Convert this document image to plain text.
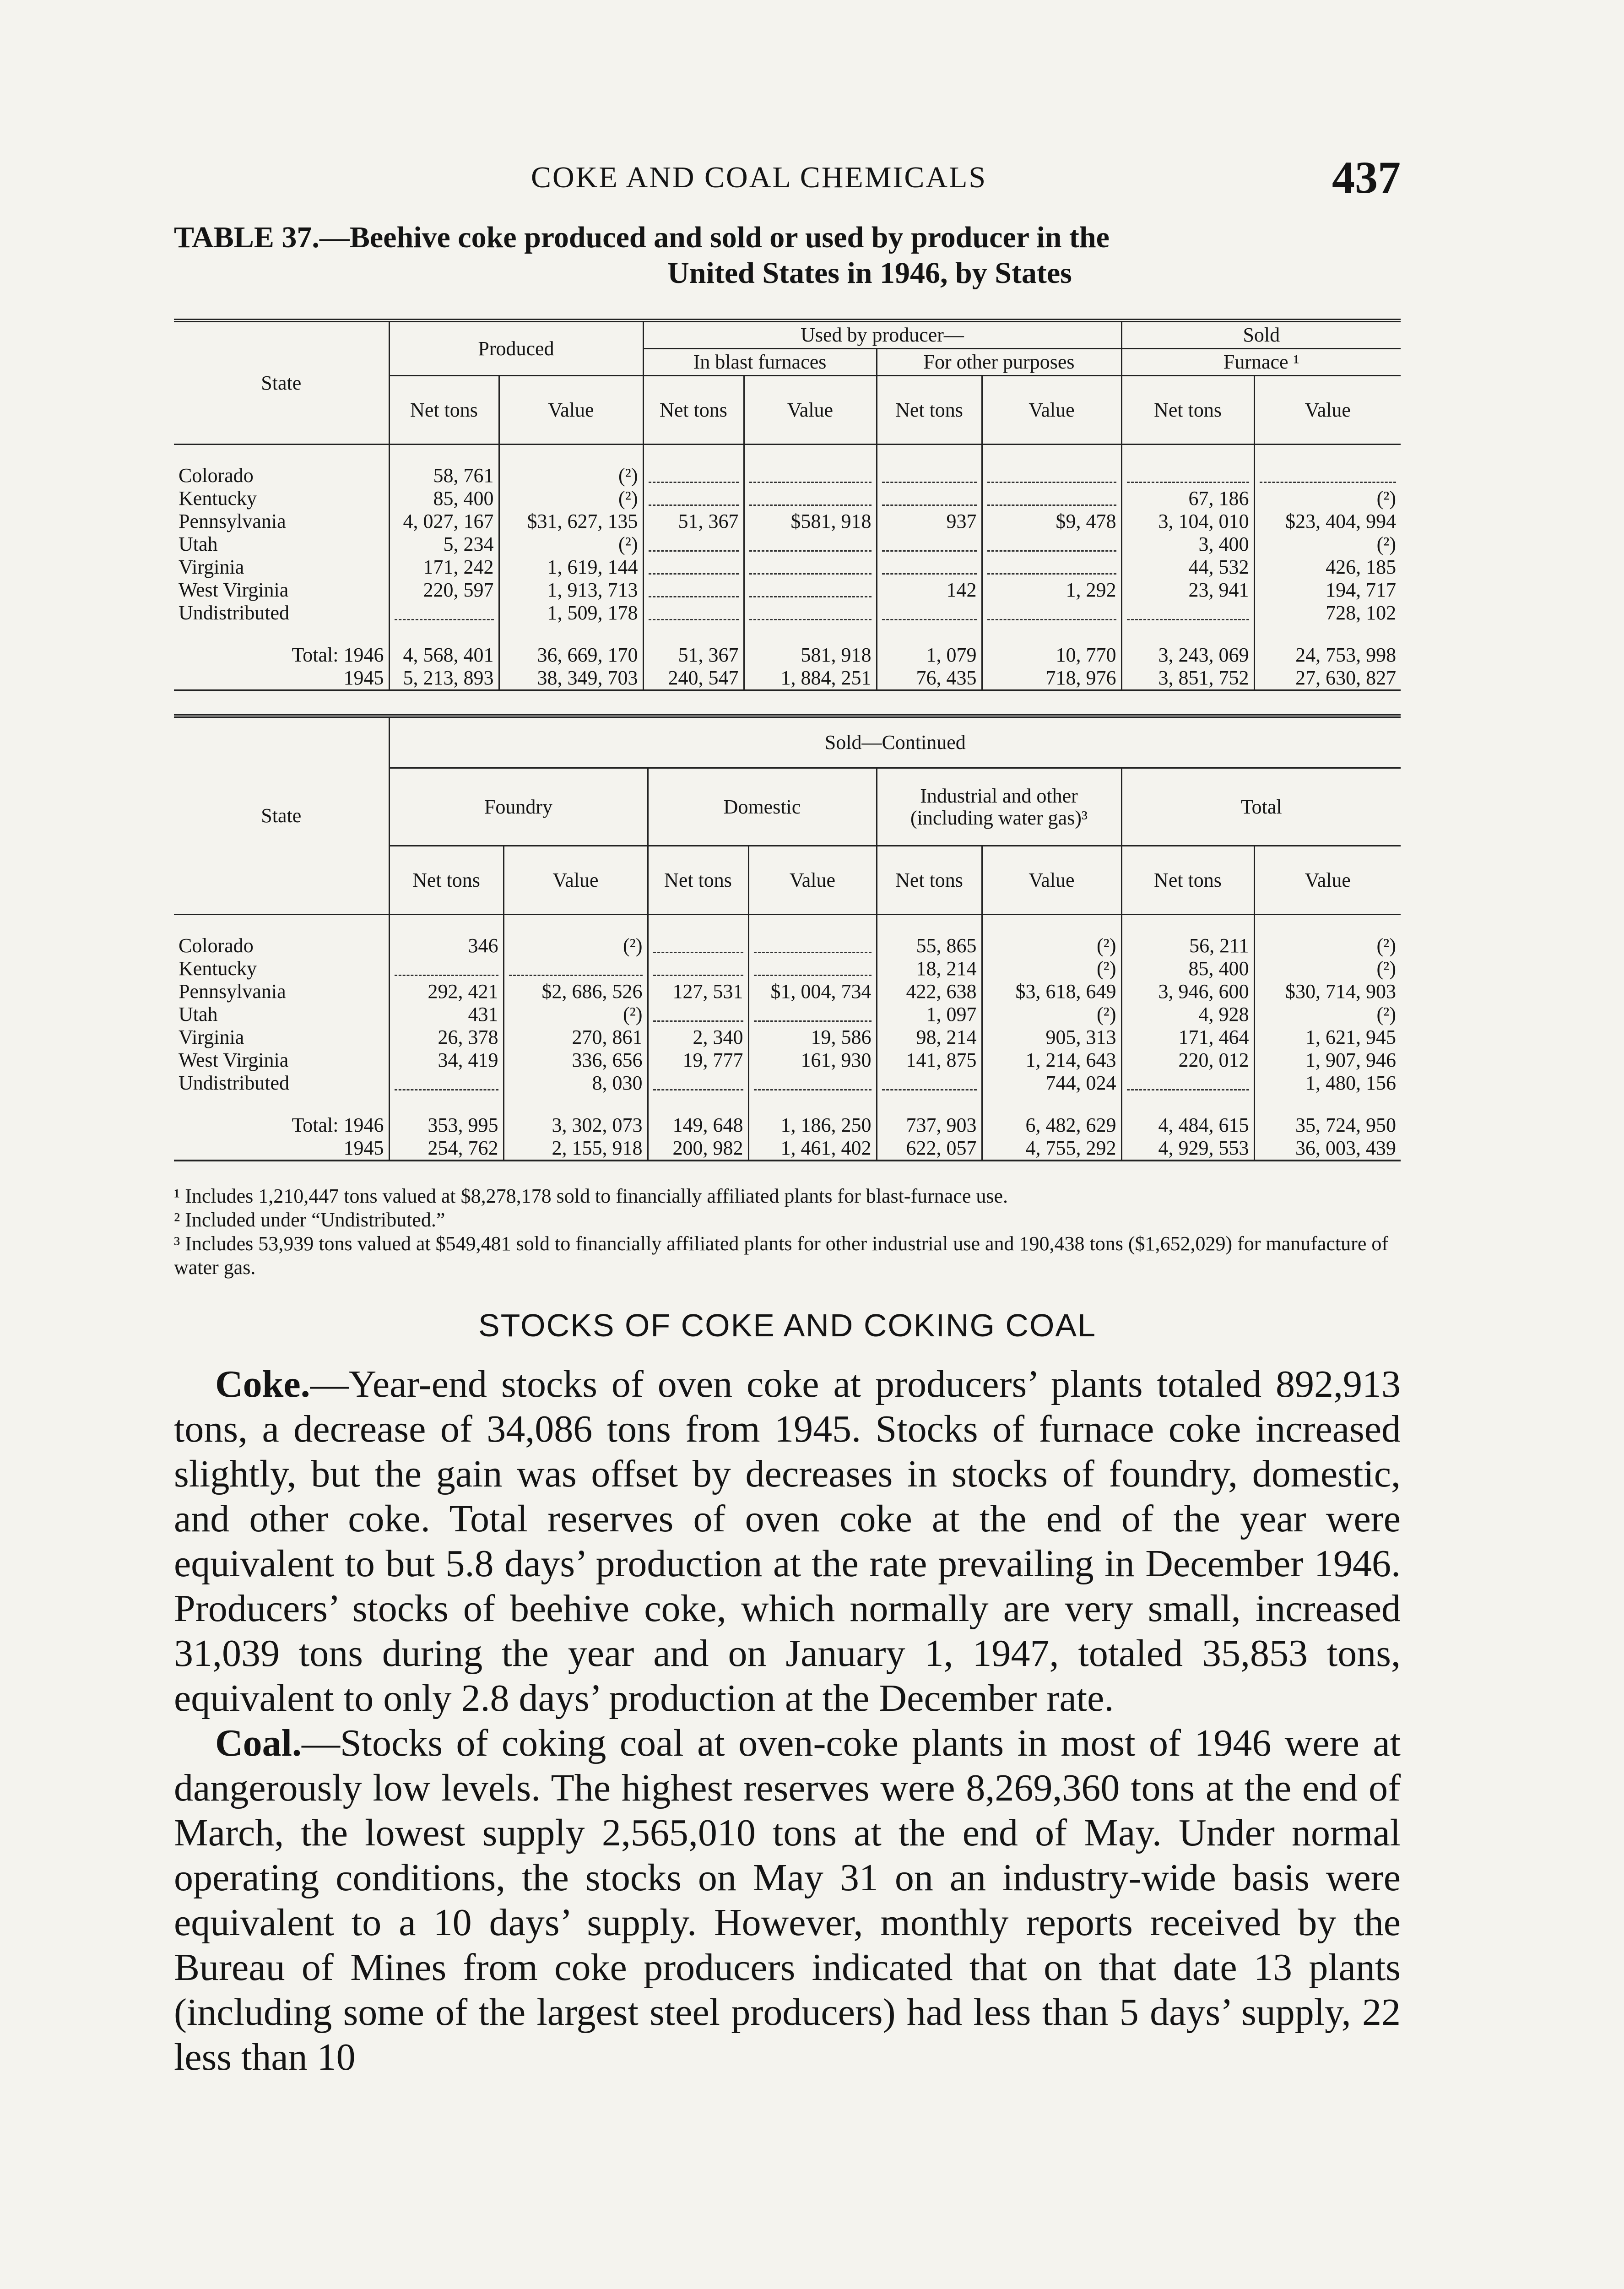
COKE AND COAL CHEMICALS	437
TABLE 37.—Beehive coke produced and sold or used by producer in the
United States in 1946, by States
State	Produced		Used by producer—				Sold	
			In blast furnaces		For other purposes		Furnace ¹	
	Net tons	Value	Net tons	Value	Net tons	Value	Net tons	Value

Colorado	58, 761	(²)						
Kentucky	85, 400	(²)					67, 186	(²)
Pennsylvania	4, 027, 167	$31, 627, 135	51, 367	$581, 918	937	$9, 478	3, 104, 010	$23, 404, 994
Utah	5, 234	(²)					3, 400	(²)
Virginia	171, 242	1, 619, 144					44, 532	426, 185
West Virginia	220, 597	1, 913, 713			142	1, 292	23, 941	194, 717
Undistributed		1, 509, 178						728, 102

Total: 1946	4, 568, 401	36, 669, 170	51, 367	581, 918	1, 079	10, 770	3, 243, 069	24, 753, 998
1945	5, 213, 893	38, 349, 703	240, 547	1, 884, 251	76, 435	718, 976	3, 851, 752	27, 630, 827
State	Sold—Continued							
	Foundry		Domestic		Industrial and other (including water gas)³		Total	
	Net tons	Value	Net tons	Value	Net tons	Value	Net tons	Value

Colorado	346	(²)			55, 865	(²)	56, 211	(²)
Kentucky					18, 214	(²)	85, 400	(²)
Pennsylvania	292, 421	$2, 686, 526	127, 531	$1, 004, 734	422, 638	$3, 618, 649	3, 946, 600	$30, 714, 903
Utah	431	(²)			1, 097	(²)	4, 928	(²)
Virginia	26, 378	270, 861	2, 340	19, 586	98, 214	905, 313	171, 464	1, 621, 945
West Virginia	34, 419	336, 656	19, 777	161, 930	141, 875	1, 214, 643	220, 012	1, 907, 946
Undistributed		8, 030				744, 024		1, 480, 156

Total: 1946	353, 995	3, 302, 073	149, 648	1, 186, 250	737, 903	6, 482, 629	4, 484, 615	35, 724, 950
1945	254, 762	2, 155, 918	200, 982	1, 461, 402	622, 057	4, 755, 292	4, 929, 553	36, 003, 439

¹ Includes 1,210,447 tons valued at $8,278,178 sold to financially affiliated plants for blast-furnace use.

² Included under “Undistributed.”

³ Includes 53,939 tons valued at $549,481 sold to financially affiliated plants for other industrial use and 190,438 tons ($1,652,029) for manufacture of water gas.

STOCKS OF COKE AND COKING COAL

Coke.—Year-end stocks of oven coke at producers’ plants totaled 892,913 tons, a decrease of 34,086 tons from 1945. Stocks of furnace coke increased slightly, but the gain was offset by decreases in stocks of foundry, domestic, and other coke. Total reserves of oven coke at the end of the year were equivalent to but 5.8 days’ production at the rate prevailing in December 1946. Producers’ stocks of beehive coke, which normally are very small, increased 31,039 tons during the year and on January 1, 1947, totaled 35,853 tons, equivalent to only 2.8 days’ production at the December rate.

Coal.—Stocks of coking coal at oven-coke plants in most of 1946 were at dangerously low levels. The highest reserves were 8,269,360 tons at the end of March, the lowest supply 2,565,010 tons at the end of May. Under normal operating conditions, the stocks on May 31 on an industry-wide basis were equivalent to a 10 days’ supply. However, monthly reports received by the Bureau of Mines from coke producers indicated that on that date 13 plants (including some of the largest steel producers) had less than 5 days’ supply, 22 less than 10
